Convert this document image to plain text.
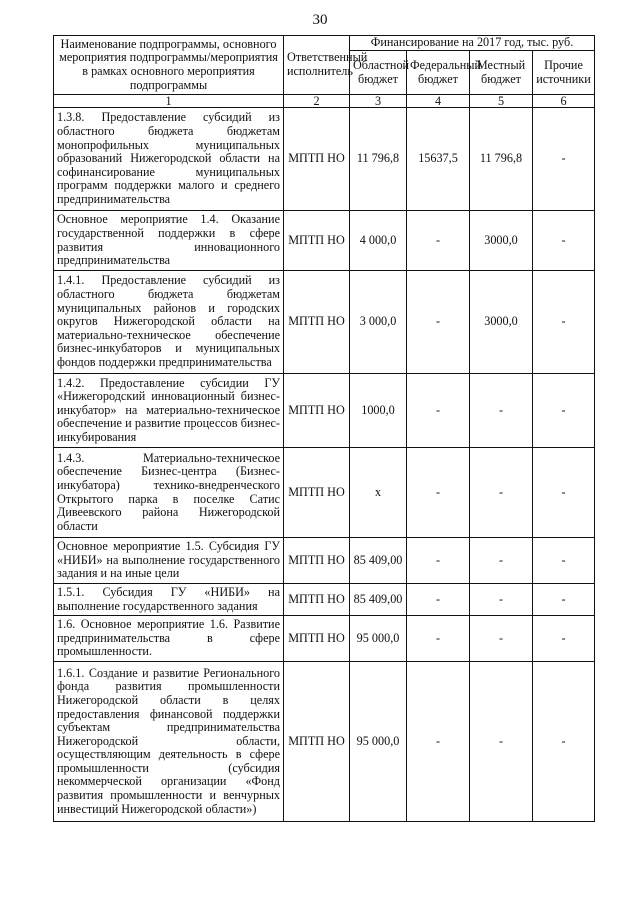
30
Наименование подпрограммы, основного мероприятия подпрограммы/мероприятия в рамках основного мероприятия подпрограммы	Ответственный исполнитель	Финансирование на 2017 год, тыс. руб.			
		Областной бюджет	Федеральный бюджет	Местный бюджет	Прочие источники
1	2	3	4	5	6
1.3.8. Предоставление субсидий из областного бюджета бюджетам монопрофильных муниципальных образований Нижегородской области на софинансирование муниципальных программ поддержки малого и среднего предпринимательства	МПТП НО	11 796,8	15637,5	11 796,8	-
Основное мероприятие 1.4. Оказание государственной поддержки в сфере развития инновационного предпринимательства	МПТП НО	4 000,0	-	3000,0	-
1.4.1. Предоставление субсидий из областного бюджета бюджетам муниципальных районов и городских округов Нижегородской области на материально-техническое обеспечение бизнес-инкубаторов и муниципальных фондов поддержки предпринимательства	МПТП НО	3 000,0	-	3000,0	-
1.4.2. Предоставление субсидии ГУ «Нижегородский инновационный бизнес-инкубатор» на материально-техническое обеспечение и развитие процессов бизнес-инкубирования	МПТП НО	1000,0	-	-	-
1.4.3. Материально-техническое обеспечение Бизнес-центра (Бизнес-инкубатора) технико-внедренческого Открытого парка в поселке Сатис Дивеевского района Нижегородской области	МПТП НО	х	-	-	-
Основное мероприятие 1.5. Субсидия ГУ «НИБИ» на выполнение государственного задания и на иные цели	МПТП НО	85 409,00	-	-	-
1.5.1. Субсидия ГУ «НИБИ» на выполнение государственного задания	МПТП НО	85 409,00	-	-	-
1.6. Основное мероприятие 1.6. Развитие предпринимательства в сфере промышленности.	МПТП НО	95 000,0	-	-	-
1.6.1. Создание и развитие Регионального фонда развития промышленности Нижегородской области в целях предоставления финансовой поддержки субъектам предпринимательства Нижегородской области, осуществляющим деятельность в сфере промышленности (субсидия некоммерческой организации «Фонд развития промышленности и венчурных инвестиций Нижегородской области»)	МПТП НО	95 000,0	-	-	-
